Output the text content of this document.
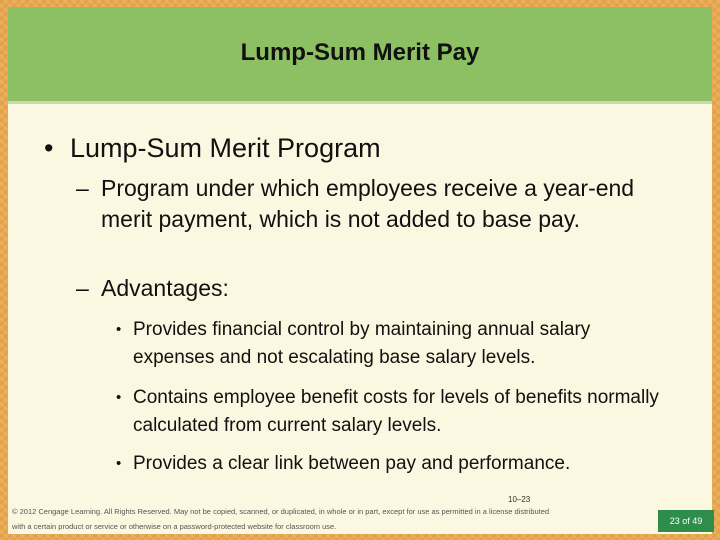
Lump-Sum Merit Pay
• Lump-Sum Merit Program
– Program under which employees receive a year-end merit payment, which is not added to base pay.
– Advantages:
• Provides financial control by maintaining annual salary expenses and not escalating base salary levels.
• Contains employee benefit costs for levels of benefits normally calculated from current salary levels.
• Provides a clear link between pay and performance.
© 2012 Cengage Learning. All Rights Reserved. May not be copied, scanned, or duplicated, in whole or in part, except for use as permitted in a license distributed with a certain product or service or otherwise on a password-protected website for classroom use.
10–23
23 of 49
